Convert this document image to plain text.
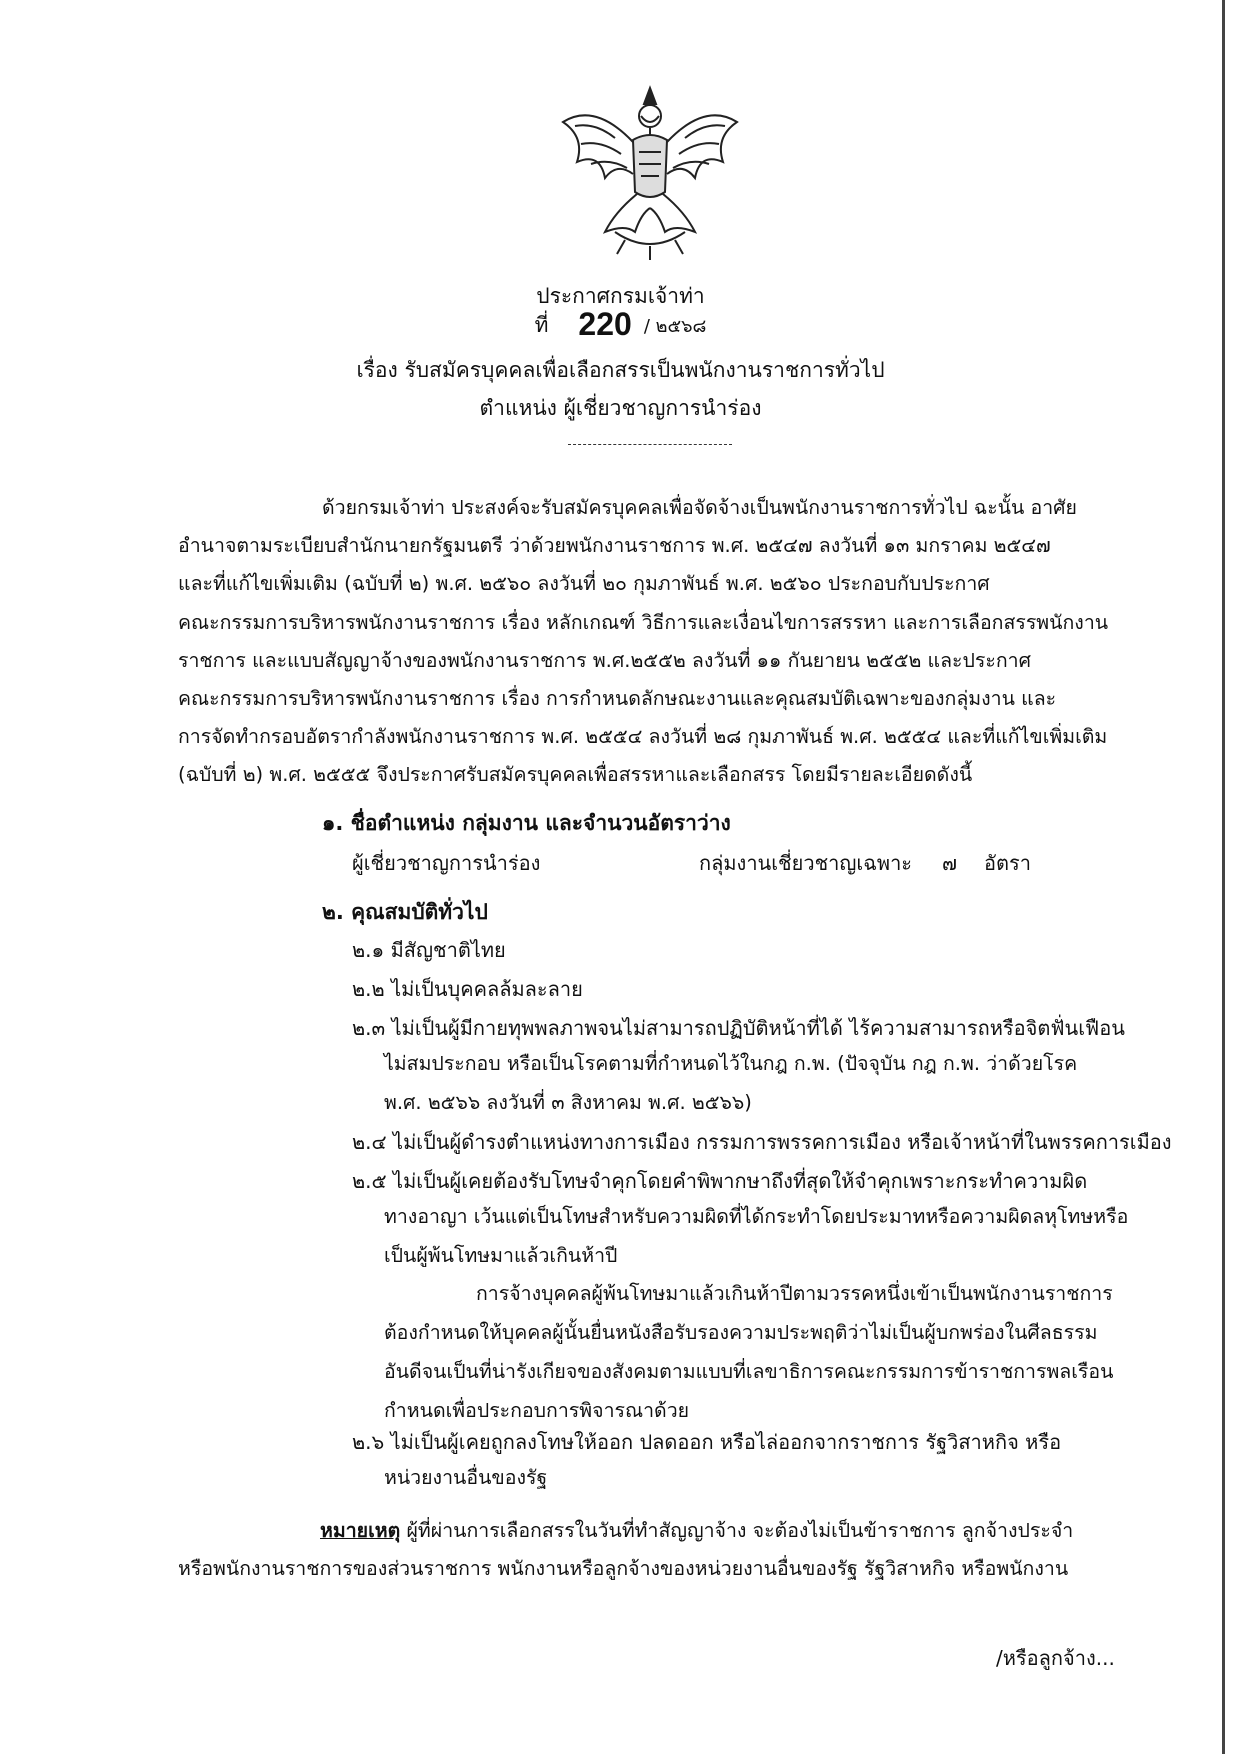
ประกาศกรมเจ้าท่า
ที่ 220 / ๒๕๖๘
เรื่อง รับสมัครบุคคลเพื่อเลือกสรรเป็นพนักงานราชการทั่วไป
ตำแหน่ง ผู้เชี่ยวชาญการนำร่อง
ด้วยกรมเจ้าท่า ประสงค์จะรับสมัครบุคคลเพื่อจัดจ้างเป็นพนักงานราชการทั่วไป ฉะนั้น อาศัย
อำนาจตามระเบียบสำนักนายกรัฐมนตรี ว่าด้วยพนักงานราชการ พ.ศ. ๒๕๔๗ ลงวันที่ ๑๓ มกราคม ๒๕๔๗
และที่แก้ไขเพิ่มเติม (ฉบับที่ ๒) พ.ศ. ๒๕๖๐ ลงวันที่ ๒๐ กุมภาพันธ์ พ.ศ. ๒๕๖๐ ประกอบกับประกาศ
คณะกรรมการบริหารพนักงานราชการ เรื่อง หลักเกณฑ์ วิธีการและเงื่อนไขการสรรหา และการเลือกสรรพนักงาน
ราชการ และแบบสัญญาจ้างของพนักงานราชการ พ.ศ.๒๕๕๒ ลงวันที่ ๑๑ กันยายน ๒๕๕๒ และประกาศ
คณะกรรมการบริหารพนักงานราชการ เรื่อง การกำหนดลักษณะงานและคุณสมบัติเฉพาะของกลุ่มงาน และ
การจัดทำกรอบอัตรากำลังพนักงานราชการ พ.ศ. ๒๕๕๔ ลงวันที่ ๒๘ กุมภาพันธ์ พ.ศ. ๒๕๕๔ และที่แก้ไขเพิ่มเติม
(ฉบับที่ ๒) พ.ศ. ๒๕๕๕ จึงประกาศรับสมัครบุคคลเพื่อสรรหาและเลือกสรร โดยมีรายละเอียดดังนี้
๑. ชื่อตำแหน่ง กลุ่มงาน และจำนวนอัตราว่าง
ผู้เชี่ยวชาญการนำร่อง	กลุ่มงานเชี่ยวชาญเฉพาะ ๗ อัตรา
๒. คุณสมบัติทั่วไป
๒.๑ มีสัญชาติไทย
๒.๒ ไม่เป็นบุคคลล้มละลาย
๒.๓ ไม่เป็นผู้มีกายทุพพลภาพจนไม่สามารถปฏิบัติหน้าที่ได้ ไร้ความสามารถหรือจิตฟั่นเฟือน
ไม่สมประกอบ หรือเป็นโรคตามที่กำหนดไว้ในกฎ ก.พ. (ปัจจุบัน กฎ ก.พ. ว่าด้วยโรค
พ.ศ. ๒๕๖๖ ลงวันที่ ๓ สิงหาคม พ.ศ. ๒๕๖๖)
๒.๔ ไม่เป็นผู้ดำรงตำแหน่งทางการเมือง กรรมการพรรคการเมือง หรือเจ้าหน้าที่ในพรรคการเมือง
๒.๕ ไม่เป็นผู้เคยต้องรับโทษจำคุกโดยคำพิพากษาถึงที่สุดให้จำคุกเพราะกระทำความผิด
ทางอาญา เว้นแต่เป็นโทษสำหรับความผิดที่ได้กระทำโดยประมาทหรือความผิดลหุโทษหรือ
เป็นผู้พ้นโทษมาแล้วเกินห้าปี
การจ้างบุคคลผู้พ้นโทษมาแล้วเกินห้าปีตามวรรคหนึ่งเข้าเป็นพนักงานราชการ
ต้องกำหนดให้บุคคลผู้นั้นยื่นหนังสือรับรองความประพฤติว่าไม่เป็นผู้บกพร่องในศีลธรรม
อันดีจนเป็นที่น่ารังเกียจของสังคมตามแบบที่เลขาธิการคณะกรรมการข้าราชการพลเรือน
กำหนดเพื่อประกอบการพิจารณาด้วย
๒.๖ ไม่เป็นผู้เคยถูกลงโทษให้ออก ปลดออก หรือไล่ออกจากราชการ รัฐวิสาหกิจ หรือ
หน่วยงานอื่นของรัฐ
หมายเหตุ ผู้ที่ผ่านการเลือกสรรในวันที่ทำสัญญาจ้าง จะต้องไม่เป็นข้าราชการ ลูกจ้างประจำ
หรือพนักงานราชการของส่วนราชการ พนักงานหรือลูกจ้างของหน่วยงานอื่นของรัฐ รัฐวิสาหกิจ หรือพนักงาน
/หรือลูกจ้าง...
